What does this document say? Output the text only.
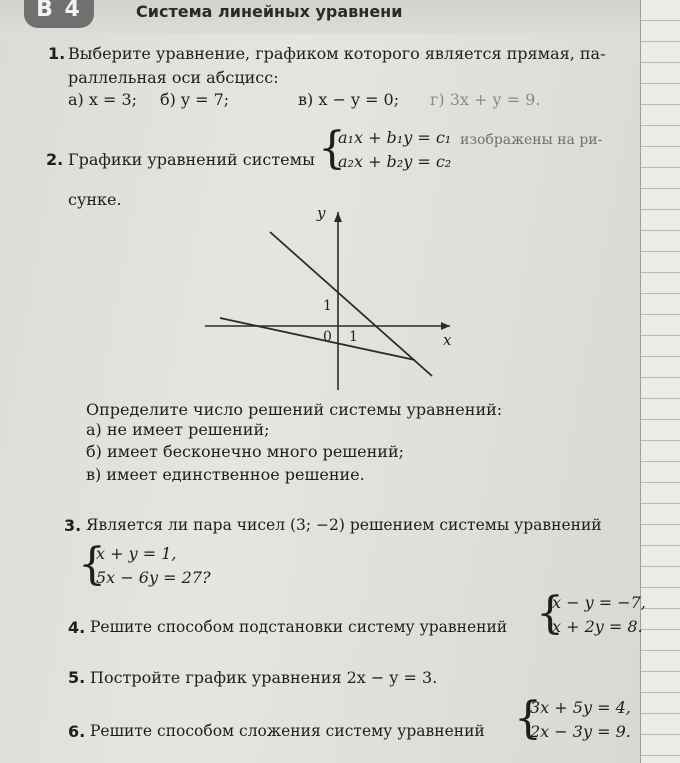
В 4	Система линейных уравнени
1. Выберите уравнение, графиком которого является прямая, па-
раллельная оси абсцисс:
а) x = 3; б) y = 7;	в) x − y = 0; г) 3x + y = 9.
2. Графики уравнений системы {
a₁x + b₁y = c₁
a₂x + b₂y = c₂
изображены на ри-
сунке.
y
x
0 1
1
Определите число решений системы уравнений:
а) не имеет решений;
б) имеет бесконечно много решений;
в) имеет единственное решение.
3. Является ли пара чисел (3; −2) решением системы уравнений
{
x + y = 1,
5x − 6y = 27?
4. Решите способом подстановки систему уравнений {
x − y = −7,
x + 2y = 8.
5. Постройте график уравнения 2x − y = 3.
6. Решите способом сложения систему уравнений {
3x + 5y = 4,
2x − 3y = 9.
